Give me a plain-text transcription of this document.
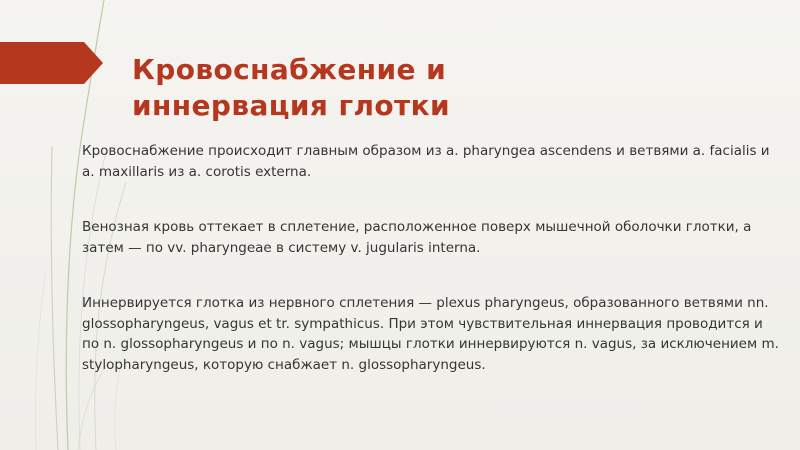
Кровоснабжение и
иннервация глотки

Кровоснабжение происходит главным образом из a. pharyngea ascendens и ветвями a. facialis и a. maxillaris из a. corotis externa.

Венозная кровь оттекает в сплетение, расположенное поверх мышечной оболочки глотки, а затем — по vv. pharyngeae в систему v. jugularis interna.

Иннервируется глотка из нервного сплетения — plexus pharyngeus, образованного ветвями nn. glossopharyngeus, vagus et tr. sympathicus. При этом чувствительная иннервация проводится и по n. glossopharyngeus и по n. vagus; мышцы глотки иннервируются n. vagus, за исключением m. stylopharyngeus, которую снабжает n. glossopharyngeus.
